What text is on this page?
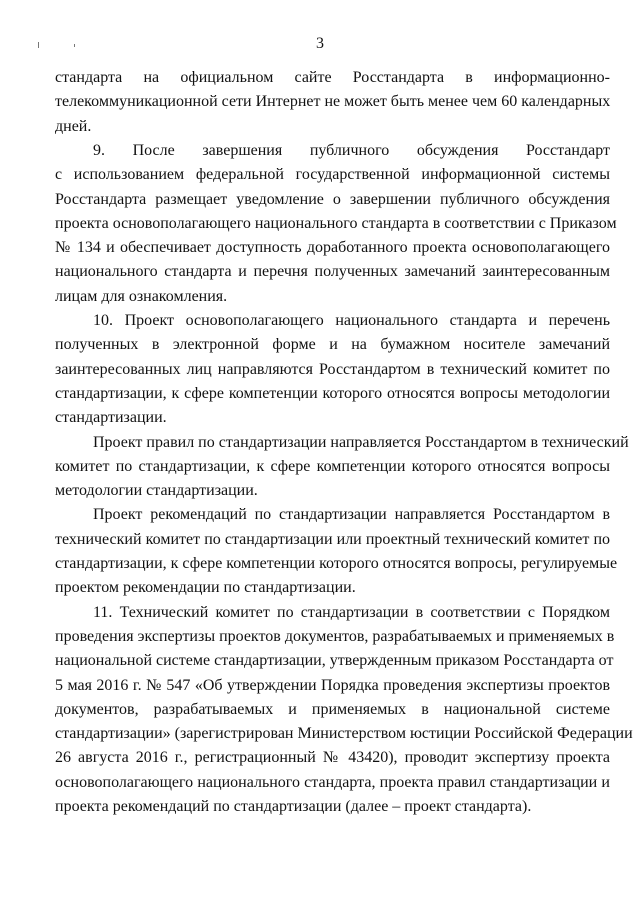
3
стандарта на официальном сайте Росстандарта в информационно-
телекоммуникационной сети Интернет не может быть менее чем 60 календарных
дней.
9. После завершения публичного обсуждения Росстандарт
с использованием федеральной государственной информационной системы
Росстандарта размещает уведомление о завершении публичного обсуждения
проекта основополагающего национального стандарта в соответствии с Приказом
№ 134 и обеспечивает доступность доработанного проекта основополагающего
национального стандарта и перечня полученных замечаний заинтересованным
лицам для ознакомления.
10. Проект основополагающего национального стандарта и перечень
полученных в электронной форме и на бумажном носителе замечаний
заинтересованных лиц направляются Росстандартом в технический комитет по
стандартизации, к сфере компетенции которого относятся вопросы методологии
стандартизации.
Проект правил по стандартизации направляется Росстандартом в технический
комитет по стандартизации, к сфере компетенции которого относятся вопросы
методологии стандартизации.
Проект рекомендаций по стандартизации направляется Росстандартом в
технический комитет по стандартизации или проектный технический комитет по
стандартизации, к сфере компетенции которого относятся вопросы, регулируемые
проектом рекомендации по стандартизации.
11. Технический комитет по стандартизации в соответствии с Порядком
проведения экспертизы проектов документов, разрабатываемых и применяемых в
национальной системе стандартизации, утвержденным приказом Росстандарта от
5 мая 2016 г. № 547 «Об утверждении Порядка проведения экспертизы проектов
документов, разрабатываемых и применяемых в национальной системе
стандартизации» (зарегистрирован Министерством юстиции Российской Федерации
26 августа 2016 г., регистрационный № 43420), проводит экспертизу проекта
основополагающего национального стандарта, проекта правил стандартизации и
проекта рекомендаций по стандартизации (далее – проект стандарта).
